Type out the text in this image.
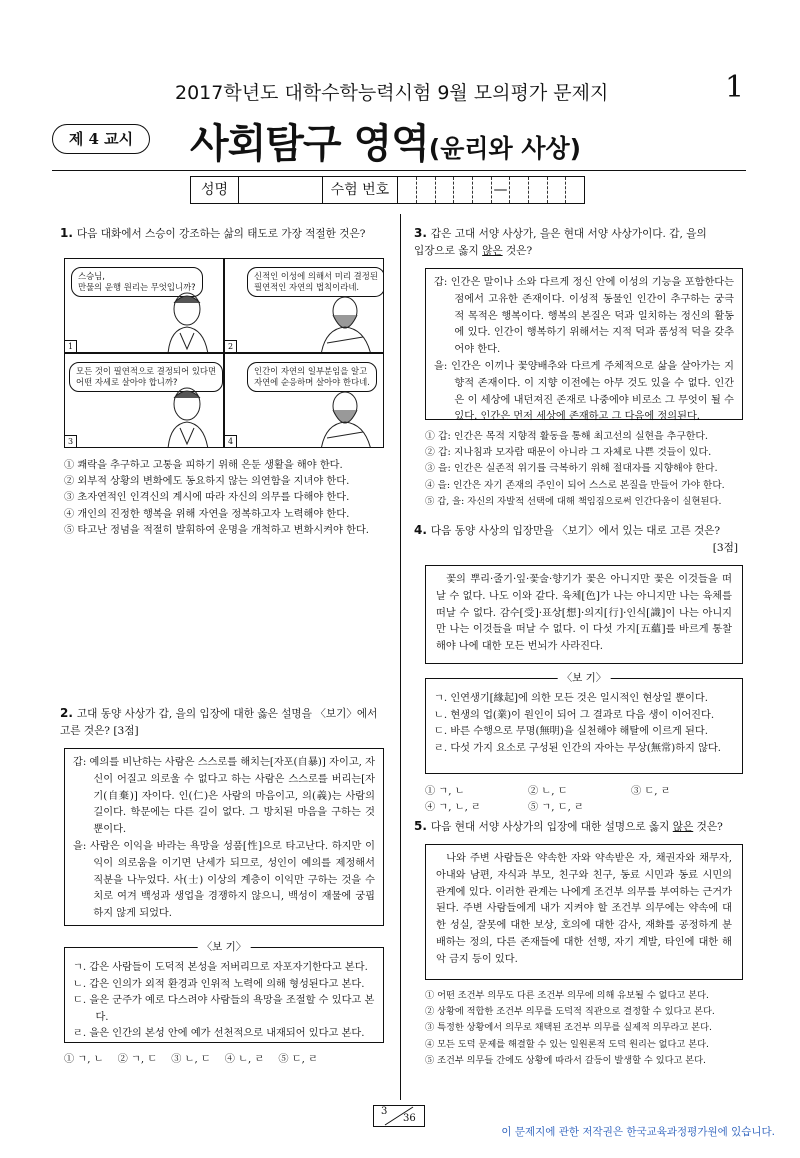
2017학년도 대학수학능력시험 9월 모의평가 문제지	1
제 4 교시	사회탐구 영역(윤리와 사상)
성명	수험 번호	—
1. 다음 대화에서 스승이 강조하는 삶의 태도로 가장 적절한 것은?
스승님,
만물의 운행 원리는 무엇입니까?
1
신적인 이성에 의해서 미리 결정된
필연적인 자연의 법칙이라네.
2
모든 것이 필연적으로 결정되어 있다면
어떤 자세로 살아야 합니까?
3
인간이 자연의 일부분임을 알고
자연에 순응하며 살아야 한다네.
4
① 쾌락을 추구하고 고통을 피하기 위해 은둔 생활을 해야 한다.
② 외부적 상황의 변화에도 동요하지 않는 의연함을 지녀야 한다.
③ 초자연적인 인격신의 계시에 따라 자신의 의무를 다해야 한다.
④ 개인의 진정한 행복을 위해 자연을 정복하고자 노력해야 한다.
⑤ 타고난 정념을 적절히 발휘하여 운명을 개척하고 변화시켜야 한다.
2. 고대 동양 사상가 갑, 을의 입장에 대한 옳은 설명을 〈보기〉에서
고른 것은? [3점]
갑: 예의를 비난하는 사람은 스스로를 해치는[자포(自暴)] 자이고, 자신이 어질고 의로울 수 없다고 하는 사람은 스스로를 버리는[자기(自棄)] 자이다. 인(仁)은 사람의 마음이고, 의(義)는 사람의 길이다. 학문에는 다른 길이 없다. 그 방치된 마음을 구하는 것뿐이다.
을: 사람은 이익을 바라는 욕망을 성품[性]으로 타고난다. 하지만 이익이 의로움을 이기면 난세가 되므로, 성인이 예의를 제정해서 직분을 나누었다. 사(士) 이상의 계층이 이익만 구하는 것을 수치로 여겨 백성과 생업을 경쟁하지 않으니, 백성이 재물에 궁핍하지 않게 되었다.
〈보 기〉
ㄱ. 갑은 사람들이 도덕적 본성을 저버리므로 자포자기한다고 본다.
ㄴ. 갑은 인의가 외적 환경과 인위적 노력에 의해 형성된다고 본다.
ㄷ. 을은 군주가 예로 다스려야 사람들의 욕망을 조절할 수 있다고 본다.
ㄹ. 을은 인간의 본성 안에 예가 선천적으로 내재되어 있다고 본다.
① ㄱ, ㄴ ② ㄱ, ㄷ ③ ㄴ, ㄷ ④ ㄴ, ㄹ ⑤ ㄷ, ㄹ
3. 갑은 고대 서양 사상가, 을은 현대 서양 사상가이다. 갑, 을의
입장으로 옳지 않은 것은?
갑: 인간은 말이나 소와 다르게 정신 안에 이성의 기능을 포함한다는 점에서 고유한 존재이다. 이성적 동물인 인간이 추구하는 궁극적 목적은 행복이다. 행복의 본질은 덕과 일치하는 정신의 활동에 있다. 인간이 행복하기 위해서는 지적 덕과 품성적 덕을 갖추어야 한다.
을: 인간은 이끼나 꽃양배추와 다르게 주체적으로 삶을 살아가는 지향적 존재이다. 이 지향 이전에는 아무 것도 있을 수 없다. 인간은 이 세상에 내던져진 존재로 나중에야 비로소 그 무엇이 될 수 있다. 인간은 먼저 세상에 존재하고 그 다음에 정의된다.
① 갑: 인간은 목적 지향적 활동을 통해 최고선의 실현을 추구한다.
② 갑: 지나침과 모자람 때문이 아니라 그 자체로 나쁜 것들이 있다.
③ 을: 인간은 실존적 위기를 극복하기 위해 절대자를 지향해야 한다.
④ 을: 인간은 자기 존재의 주인이 되어 스스로 본질을 만들어 가야 한다.
⑤ 갑, 을: 자신의 자발적 선택에 대해 책임짐으로써 인간다움이 실현된다.
4. 다음 동양 사상의 입장만을 〈보기〉에서 있는 대로 고른 것은?
[3점]
꽃의 뿌리·줄기·잎·꽃술·향기가 꽃은 아니지만 꽃은 이것들을 떠날 수 없다. 나도 이와 같다. 육체[色]가 나는 아니지만 나는 육체를 떠날 수 없다. 감수[受]·표상[想]·의지[行]·인식[識]이 나는 아니지만 나는 이것들을 떠날 수 없다. 이 다섯 가지[五蘊]를 바르게 통찰해야 나에 대한 모든 번뇌가 사라진다.
〈보 기〉
ㄱ. 인연생기[緣起]에 의한 모든 것은 일시적인 현상일 뿐이다.
ㄴ. 현생의 업(業)이 원인이 되어 그 결과로 다음 생이 이어진다.
ㄷ. 바른 수행으로 무명(無明)을 실천해야 해탈에 이르게 된다.
ㄹ. 다섯 가지 요소로 구성된 인간의 자아는 무상(無常)하지 않다.
① ㄱ, ㄴ	② ㄴ, ㄷ	③ ㄷ, ㄹ
④ ㄱ, ㄴ, ㄹ	⑤ ㄱ, ㄷ, ㄹ
5. 다음 현대 서양 사상가의 입장에 대한 설명으로 옳지 않은 것은?
나와 주변 사람들은 약속한 자와 약속받은 자, 채권자와 채무자, 아내와 남편, 자식과 부모, 친구와 친구, 동료 시민과 동료 시민의 관계에 있다. 이러한 관계는 나에게 조건부 의무를 부여하는 근거가 된다. 주변 사람들에게 내가 지켜야 할 조건부 의무에는 약속에 대한 성실, 잘못에 대한 보상, 호의에 대한 감사, 재화를 공정하게 분배하는 정의, 다른 존재들에 대한 선행, 자기 계발, 타인에 대한 해악 금지 등이 있다.
① 어떤 조건부 의무도 다른 조건부 의무에 의해 유보될 수 없다고 본다.
② 상황에 적합한 조건부 의무를 도덕적 직관으로 결정할 수 있다고 본다.
③ 특정한 상황에서 의무로 채택된 조건부 의무를 실제적 의무라고 본다.
④ 모든 도덕 문제를 해결할 수 있는 일원론적 도덕 원리는 없다고 본다.
⑤ 조건부 의무들 간에도 상황에 따라서 갈등이 발생할 수 있다고 본다.
3
36
이 문제지에 관한 저작권은 한국교육과정평가원에 있습니다.
